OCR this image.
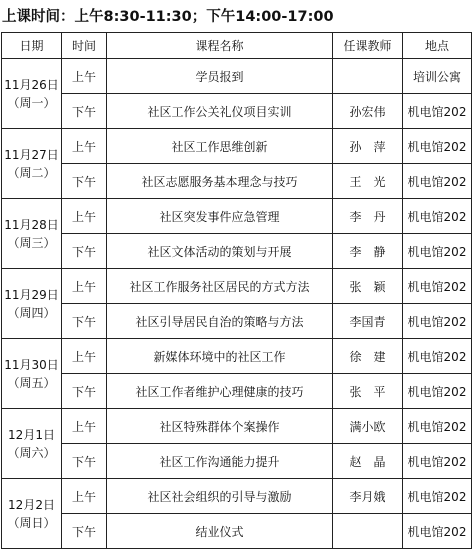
上课时间：上午8:30-11:30；下午14:00-17:00
日期	时间	课程名称	任课教师	地点

11月26日
（周一）	上午	学员报到		培训公寓
	下午	社区工作公关礼仪项目实训	孙宏伟	机电馆202

11月27日
（周二）	上午	社区工作思维创新	孙　萍	机电馆202
	下午	社区志愿服务基本理念与技巧	王　光	机电馆202

11月28日
（周三）	上午	社区突发事件应急管理	李　丹	机电馆202
	下午	社区文体活动的策划与开展	李　静	机电馆202

11月29日
（周四）	上午	社区工作服务社区居民的方式方法	张　颖	机电馆202
	下午	社区引导居民自治的策略与方法	李国青	机电馆202

11月30日
（周五）	上午	新媒体环境中的社区工作	徐　建	机电馆202
	下午	社区工作者维护心理健康的技巧	张　平	机电馆202

12月1日
（周六）	上午	社区特殊群体个案操作	满小欧	机电馆202
	下午	社区工作沟通能力提升	赵　晶	机电馆202

12月2日
（周日）	上午	社区社会组织的引导与激励	李月娥	机电馆202
	下午	结业仪式		机电馆202
